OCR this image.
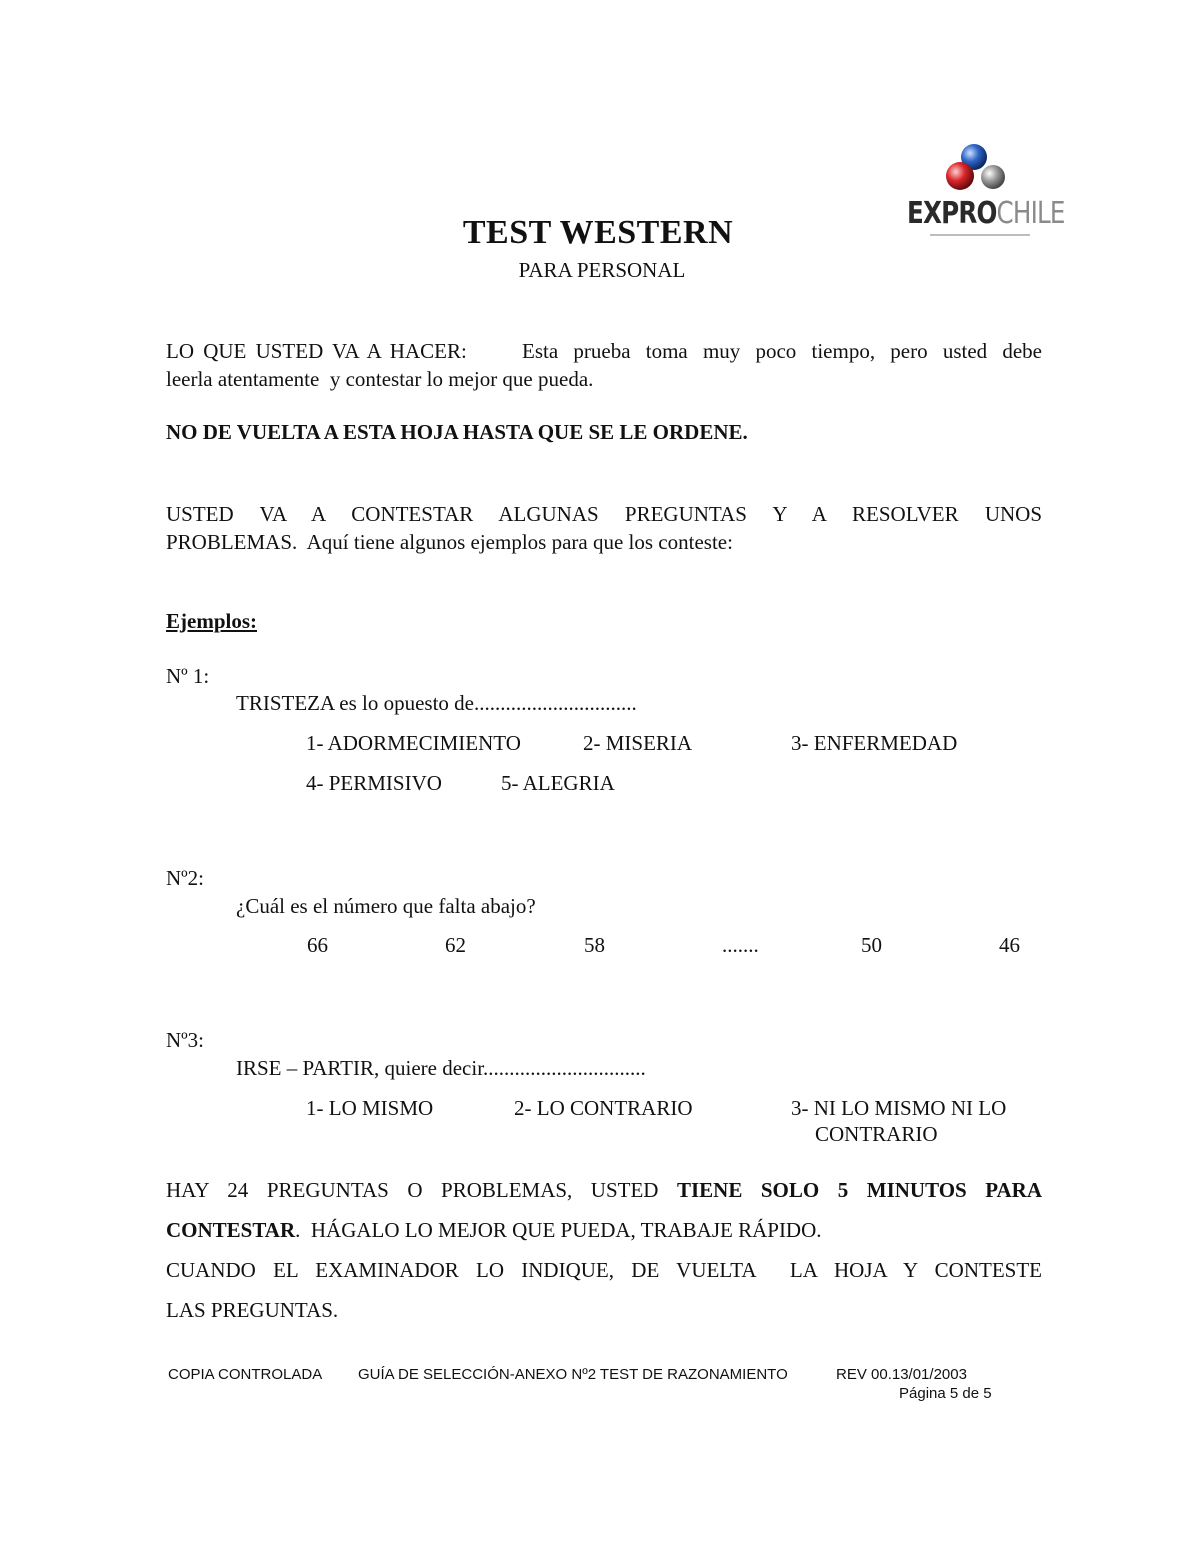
EXPROCHILE
TEST WESTERN
PARA PERSONAL
LO QUE USTED VA A HACER:	Esta prueba toma muy poco tiempo, pero usted debe
leerla atentamente  y contestar lo mejor que pueda.
NO DE VUELTA A ESTA HOJA HASTA QUE SE LE ORDENE.
USTED VA A CONTESTAR ALGUNAS PREGUNTAS Y A RESOLVER UNOS
PROBLEMAS.  Aquí tiene algunos ejemplos para que los conteste:
Ejemplos:
Nº 1:
TRISTEZA es lo opuesto de...............................
1- ADORMECIMIENTO	2- MISERIA	3- ENFERMEDAD
4- PERMISIVO	5- ALEGRIA
Nº2:
¿Cuál es el número que falta abajo?
66	62	58	.......	50	46
Nº3:
IRSE – PARTIR, quiere decir...............................
1- LO MISMO	2- LO CONTRARIO	3- NI LO MISMO NI LO
CONTRARIO
HAY 24 PREGUNTAS O PROBLEMAS, USTED TIENE SOLO 5 MINUTOS PARA
CONTESTAR.  HÁGALO LO MEJOR QUE PUEDA, TRABAJE RÁPIDO.
CUANDO EL EXAMINADOR LO INDIQUE, DE VUELTA  LA HOJA Y CONTESTE
LAS PREGUNTAS.
COPIA CONTROLADA GUÍA DE SELECCIÓN-ANEXO Nº2 TEST DE RAZONAMIENTO	REV 00.13/01/2003
Página 5 de 5
